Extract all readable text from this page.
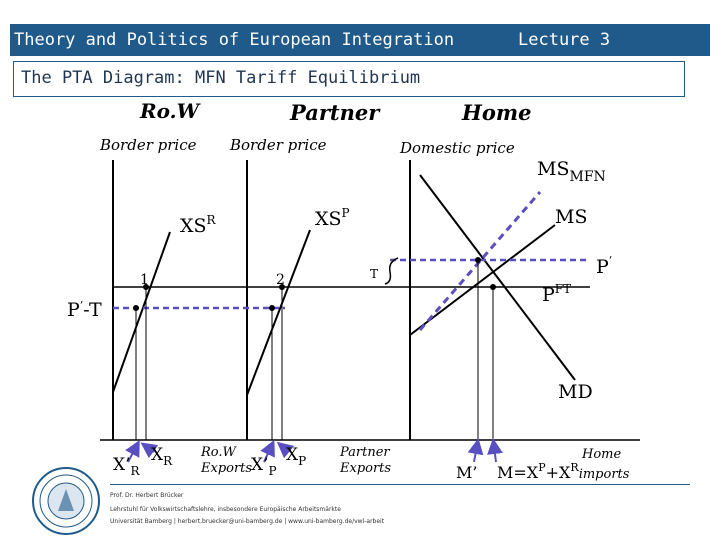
Theory and Politics of European Integration	Lecture 3
The PTA Diagram: MFN Tariff Equilibrium
Ro.W	Partner	Home
Border price Border price	Domestic price
$XS^R$	$XS^P$
$MS_{MFN}$
MS
MD
P’-T
P’
$P^{FT}$
T
1	2
$X’_R$
$X_R$
Ro.W
Exports
$X’_P$
$X_P$
Partner
Exports	M’ $M=X^P+X^R_{imports}$
Home
Prof. Dr. Herbert Brücker
Lehrstuhl für Volkswirtschaftslehre, insbesondere Europäische Arbeitsmärkte
Universität Bamberg | herbert.bruecker@uni-bamberg.de | www.uni-bamberg.de/vwl-arbeit
